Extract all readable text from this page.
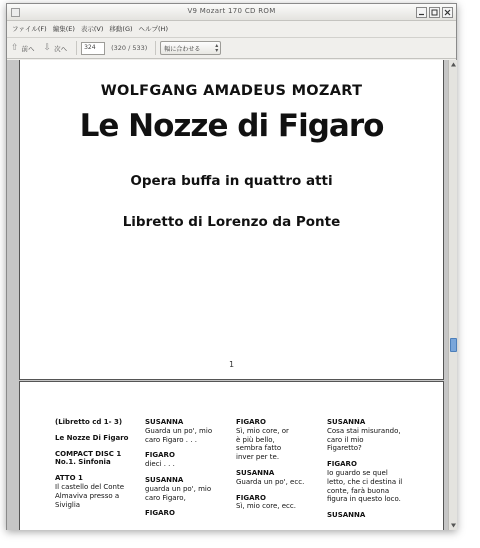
V9 Mozart 170 CD ROM
ファイル(F) 編集(E) 表示(V) 移動(G) ヘルプ(H)
⇧ 前へ ⇩ 次へ	324	(320 / 533)	幅に合わせる ▴
▾
WOLFGANG AMADEUS MOZART
Le Nozze di Figaro
Opera buffa in quattro atti
Libretto di Lorenzo da Ponte
1
(Libretto cd 1- 3)
Le Nozze Di Figaro
COMPACT DISC 1 No.1. Sinfonia
ATTO 1
Il castello del Conte
Almaviva presso a
Siviglia
SUSANNA
Guarda un po', mio
caro Figaro . . .
FIGARO
dieci . . .
SUSANNA
guarda un po', mio
caro Figaro,
FIGARO
FIGARO
Sì, mio core, or
è più bello,
sembra fatto
inver per te.
SUSANNA
Guarda un po', ecc.
FIGARO
Sì, mio core, ecc.
SUSANNA
Cosa stai misurando,
caro il mio
Figaretto?
FIGARO
Io guardo se quel
letto, che ci destina il
conte, farà buona
figura in questo loco.
SUSANNA
